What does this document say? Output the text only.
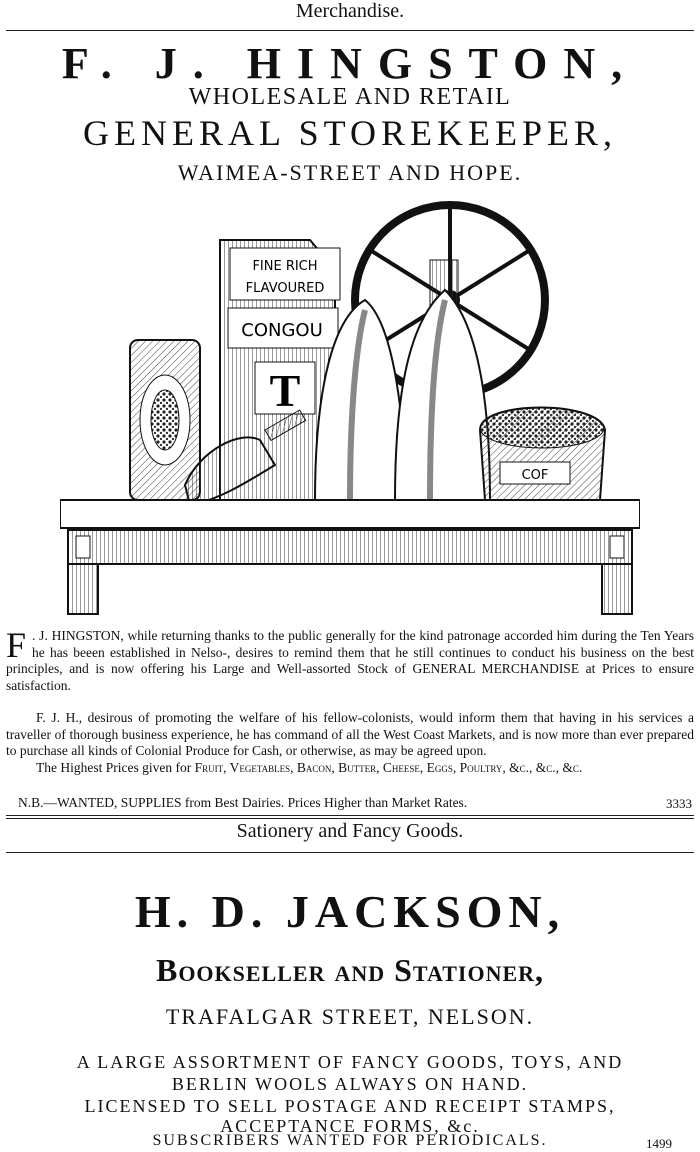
Merchandise.
F. J. HINGSTON,
WHOLESALE AND RETAIL
GENERAL STOREKEEPER,
WAIMEA-STREET AND HOPE.
FINE RICH
FLAVOURED
CONGOU
T
COF
F . J. HINGSTON, while returning thanks to the public generally for the kind patronage accorded him during the Ten Years he has beeen established in Nelso-, desires to remind them that he still continues to conduct his business on the best principles, and is now offering his Large and Well-assorted Stock of GENERAL MERCHANDISE at Prices to ensure satisfaction.
F. J. H., desirous of promoting the welfare of his fellow-colonists, would inform them that having in his services a traveller of thorough business experience, he has command of all the West Coast Markets, and is now more than ever prepared to purchase all kinds of Colonial Produce for Cash, or otherwise, as may be agreed upon.
The Highest Prices given for Fruit, Vegetables, Bacon, Butter, Cheese, Eggs, Poultry, &c., &c., &c.
N.B.—WANTED, SUPPLIES from Best Dairies. Prices Higher than Market Rates.	3333
Sationery and Fancy Goods.
H. D. JACKSON,
Bookseller and Stationer,
TRAFALGAR STREET, NELSON.
A LARGE ASSORTMENT OF FANCY GOODS, TOYS, AND
BERLIN WOOLS ALWAYS ON HAND.
LICENSED TO SELL POSTAGE AND RECEIPT STAMPS,
ACCEPTANCE FORMS, &c.
SUBSCRIBERS WANTED FOR PERIODICALS.	1499
